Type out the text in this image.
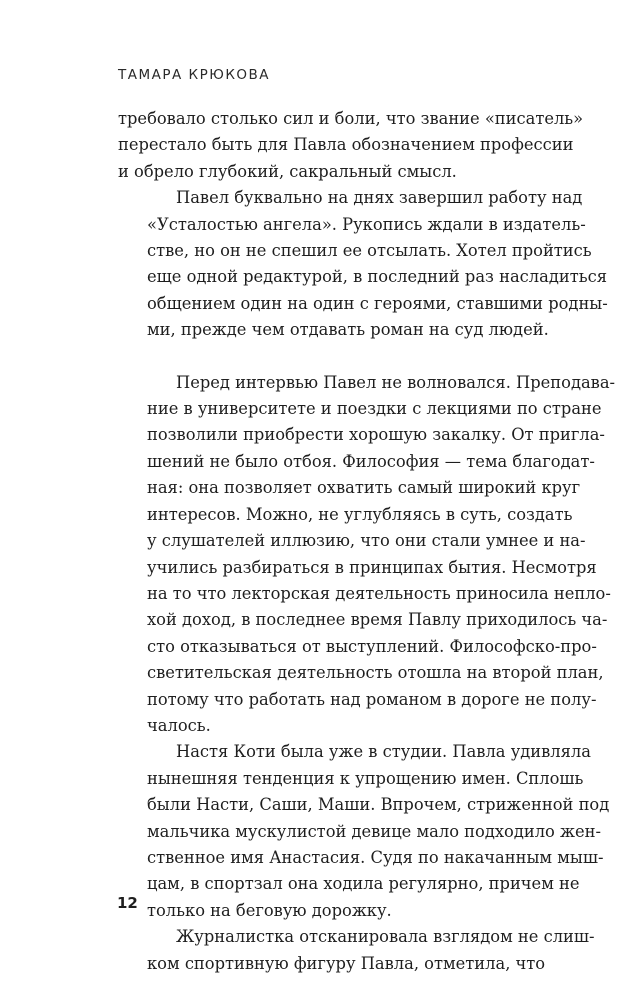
ТАМАРА КРЮКОВА

требовало столько сил и боли, что звание «писатель»
перестало быть для Павла обозначением профессии
и обрело глубокий, сакральный смысл.

Павел буквально на днях завершил работу над
«Усталостью ангела». Рукопись ждали в издатель-
стве, но он не спешил ее отсылать. Хотел пройтись
еще одной редактурой, в последний раз насладиться
общением один на один с героями, ставшими родны-
ми, прежде чем отдавать роман на суд людей.

Перед интервью Павел не волновался. Преподава-
ние в университете и поездки с лекциями по стране
позволили приобрести хорошую закалку. От пригла-
шений не было отбоя. Философия — тема благодат-
ная: она позволяет охватить самый широкий круг
интересов. Можно, не углубляясь в суть, создать
у слушателей иллюзию, что они стали умнее и на-
учились разбираться в принципах бытия. Несмотря
на то что лекторская деятельность приносила непло-
хой доход, в последнее время Павлу приходилось ча-
сто отказываться от выступлений. Философско-про-
светительская деятельность отошла на второй план,
потому что работать над романом в дороге не полу-
чалось.

Настя Коти была уже в студии. Павла удивляла
нынешняя тенденция к упрощению имен. Сплошь
были Насти, Саши, Маши. Впрочем, стриженной под
мальчика мускулистой девице мало подходило жен-
ственное имя Анастасия. Судя по накачанным мыш-
цам, в спортзал она ходила регулярно, причем не
только на беговую дорожку.

Журналистка отсканировала взглядом не слиш-
ком спортивную фигуру Павла, отметила, что

12
